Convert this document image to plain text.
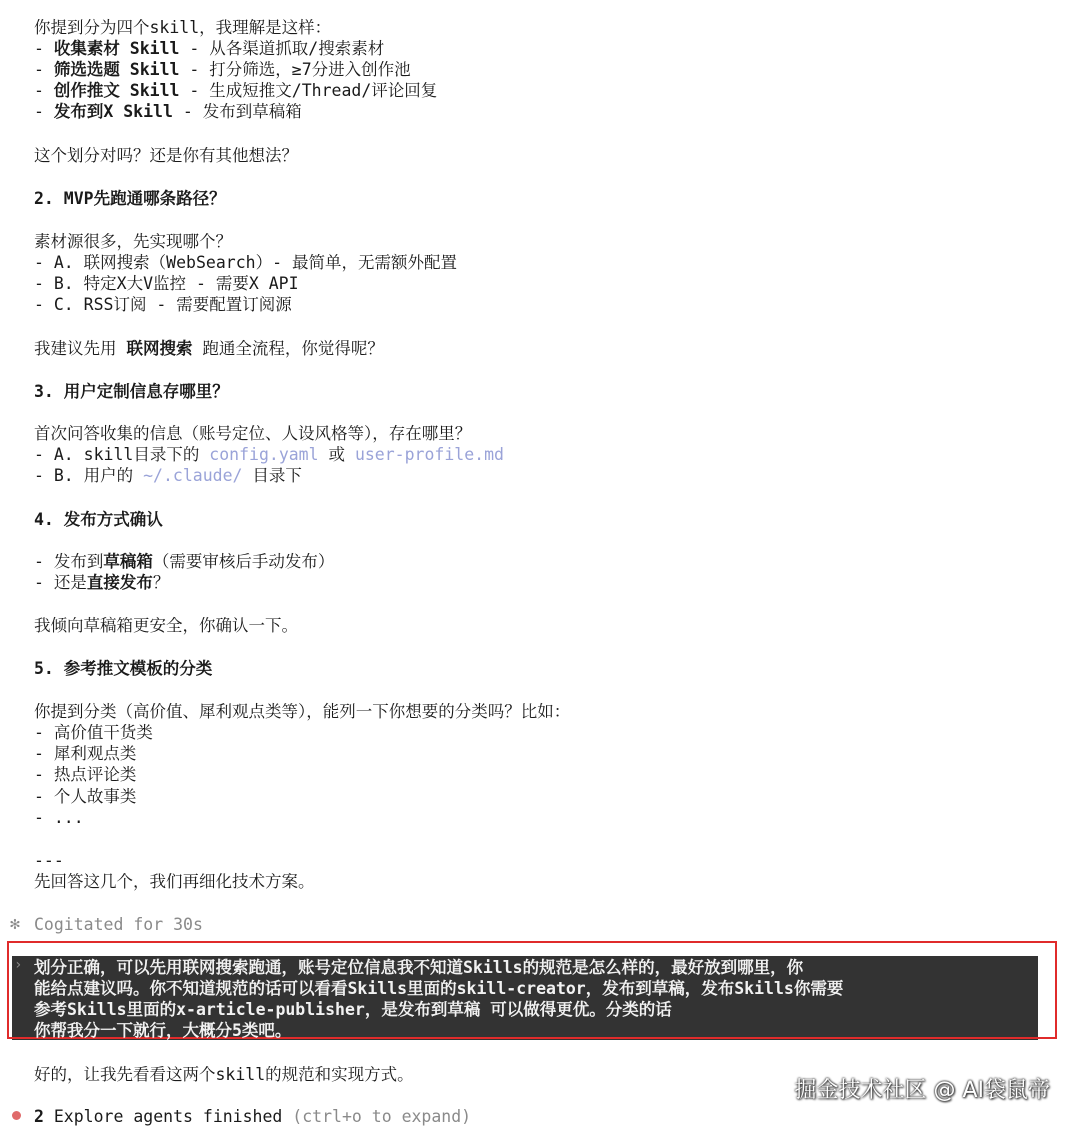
你提到分为四个skill，我理解是这样：
- 收集素材 Skill - 从各渠道抓取/搜索素材
- 筛选选题 Skill - 打分筛选，≥7分进入创作池
- 创作推文 Skill - 生成短推文/Thread/评论回复
- 发布到X Skill - 发布到草稿箱
这个划分对吗？还是你有其他想法？
2. MVP先跑通哪条路径？
素材源很多，先实现哪个？
- A. 联网搜索（WebSearch）- 最简单，无需额外配置
- B. 特定X大V监控 - 需要X API
- C. RSS订阅 - 需要配置订阅源
我建议先用 联网搜索 跑通全流程，你觉得呢？
3. 用户定制信息存哪里？
首次问答收集的信息（账号定位、人设风格等），存在哪里？
- A. skill目录下的 config.yaml 或 user-profile.md
- B. 用户的 ~/.claude/ 目录下
4. 发布方式确认
- 发布到草稿箱（需要审核后手动发布）
- 还是直接发布？
我倾向草稿箱更安全，你确认一下。
5. 参考推文模板的分类
你提到分类（高价值、犀利观点类等），能列一下你想要的分类吗？比如：
- 高价值干货类
- 犀利观点类
- 热点评论类
- 个人故事类
- ...
---
先回答这几个，我们再细化技术方案。
✻ Cogitated for 30s
› 划分正确，可以先用联网搜索跑通，账号定位信息我不知道Skills的规范是怎么样的，最好放到哪里，你
能给点建议吗。你不知道规范的话可以看看Skills里面的skill-creator，发布到草稿，发布Skills你需要
参考Skills里面的x-article-publisher，是发布到草稿 可以做得更优。分类的话
你帮我分一下就行，大概分5类吧。
好的，让我先看看这两个skill的规范和实现方式。
2 Explore agents finished (ctrl+o to expand)
掘金技术社区 @ AI袋鼠帝
